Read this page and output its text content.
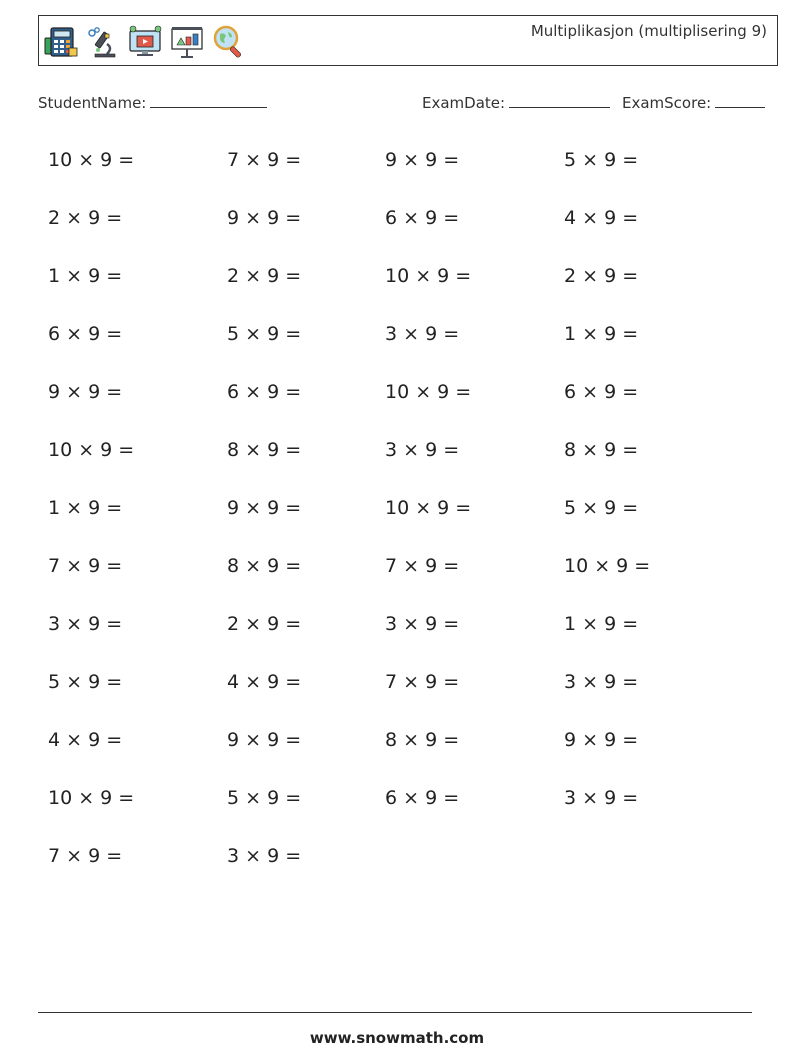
Multiplikasjon (multiplisering 9)
StudentName:	ExamDate:	ExamScore:
10 × 9 =	7 × 9 =	9 × 9 =	5 × 9 =
2 × 9 =	9 × 9 =	6 × 9 =	4 × 9 =
1 × 9 =	2 × 9 =	10 × 9 =	2 × 9 =
6 × 9 =	5 × 9 =	3 × 9 =	1 × 9 =
9 × 9 =	6 × 9 =	10 × 9 =	6 × 9 =
10 × 9 =	8 × 9 =	3 × 9 =	8 × 9 =
1 × 9 =	9 × 9 =	10 × 9 =	5 × 9 =
7 × 9 =	8 × 9 =	7 × 9 =	10 × 9 =
3 × 9 =	2 × 9 =	3 × 9 =	1 × 9 =
5 × 9 =	4 × 9 =	7 × 9 =	3 × 9 =
4 × 9 =	9 × 9 =	8 × 9 =	9 × 9 =
10 × 9 =	5 × 9 =	6 × 9 =	3 × 9 =
7 × 9 =	3 × 9 =
www.snowmath.com
